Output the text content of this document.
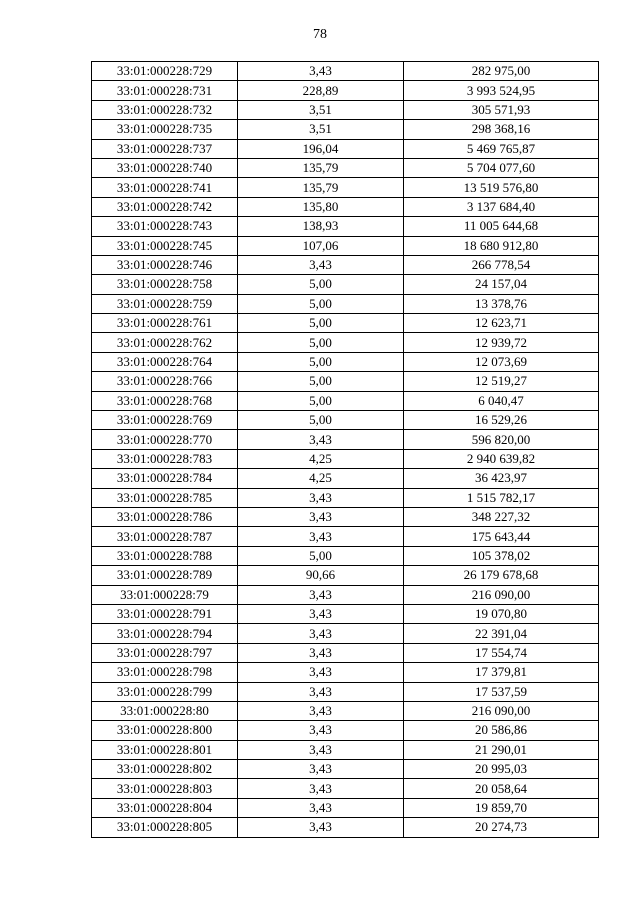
78
33:01:000228:729	3,43	282 975,00
33:01:000228:731	228,89	3 993 524,95
33:01:000228:732	3,51	305 571,93
33:01:000228:735	3,51	298 368,16
33:01:000228:737	196,04	5 469 765,87
33:01:000228:740	135,79	5 704 077,60
33:01:000228:741	135,79	13 519 576,80
33:01:000228:742	135,80	3 137 684,40
33:01:000228:743	138,93	11 005 644,68
33:01:000228:745	107,06	18 680 912,80
33:01:000228:746	3,43	266 778,54
33:01:000228:758	5,00	24 157,04
33:01:000228:759	5,00	13 378,76
33:01:000228:761	5,00	12 623,71
33:01:000228:762	5,00	12 939,72
33:01:000228:764	5,00	12 073,69
33:01:000228:766	5,00	12 519,27
33:01:000228:768	5,00	6 040,47
33:01:000228:769	5,00	16 529,26
33:01:000228:770	3,43	596 820,00
33:01:000228:783	4,25	2 940 639,82
33:01:000228:784	4,25	36 423,97
33:01:000228:785	3,43	1 515 782,17
33:01:000228:786	3,43	348 227,32
33:01:000228:787	3,43	175 643,44
33:01:000228:788	5,00	105 378,02
33:01:000228:789	90,66	26 179 678,68
33:01:000228:79	3,43	216 090,00
33:01:000228:791	3,43	19 070,80
33:01:000228:794	3,43	22 391,04
33:01:000228:797	3,43	17 554,74
33:01:000228:798	3,43	17 379,81
33:01:000228:799	3,43	17 537,59
33:01:000228:80	3,43	216 090,00
33:01:000228:800	3,43	20 586,86
33:01:000228:801	3,43	21 290,01
33:01:000228:802	3,43	20 995,03
33:01:000228:803	3,43	20 058,64
33:01:000228:804	3,43	19 859,70
33:01:000228:805	3,43	20 274,73
